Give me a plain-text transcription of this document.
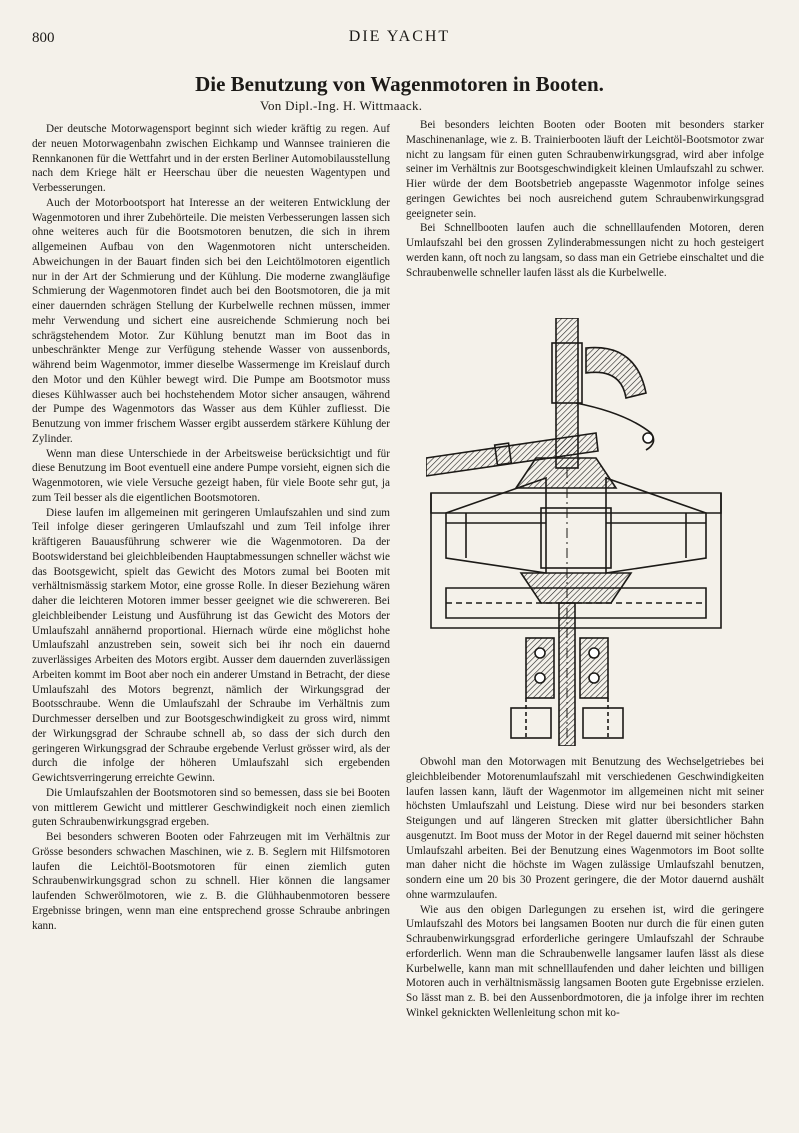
800	DIE YACHT
Die Benutzung von Wagenmotoren in Booten.
Von Dipl.-Ing. H. Wittmaack.

Der deutsche Motorwagensport beginnt sich wieder kräftig zu regen. Auf der neuen Motorwagenbahn zwischen Eichkamp und Wannsee trainieren die Rennkanonen für die Wettfahrt und in der ersten Berliner Automobilausstellung nach dem Kriege hält er Heerschau über die neuesten Wagentypen und Verbesserungen.

Auch der Motorbootsport hat Interesse an der weiteren Entwicklung der Wagenmotoren und ihrer Zubehörteile. Die meisten Verbesserungen lassen sich ohne weiteres auch für die Bootsmotoren benutzen, die sich in ihrem allgemeinen Aufbau von den Wagenmotoren nicht unterscheiden. Abweichungen in der Bauart finden sich bei den Leichtölmotoren eigentlich nur in der Art der Schmierung und der Kühlung. Die moderne zwangläufige Schmierung der Wagenmotoren findet auch bei den Bootsmotoren, die ja mit einer dauernden schrägen Stellung der Kurbelwelle rechnen müssen, immer mehr Verwendung und sichert eine ausreichende Schmierung noch bei schrägstehendem Motor. Zur Kühlung benutzt man im Boot das in unbeschränkter Menge zur Verfügung stehende Wasser von aussenbords, während beim Wagenmotor, immer dieselbe Wassermenge im Kreislauf durch den Motor und den Kühler bewegt wird. Die Pumpe am Bootsmotor muss dieses Kühlwasser auch bei hochstehendem Motor sicher ansaugen, während der Pumpe des Wagenmotors das Wasser aus dem Kühler zufliesst. Die Benutzung von immer frischem Wasser ergibt ausserdem stärkere Kühlung der Zylinder.

Wenn man diese Unterschiede in der Arbeitsweise berücksichtigt und für diese Benutzung im Boot eventuell eine andere Pumpe vorsieht, eignen sich die Wagenmotoren, wie viele Versuche gezeigt haben, für viele Boote sehr gut, ja zum Teil besser als die eigentlichen Bootsmotoren.

Diese laufen im allgemeinen mit geringeren Umlaufszahlen und sind zum Teil infolge dieser geringeren Umlaufszahl und zum Teil infolge ihrer kräftigeren Bauausführung schwerer wie die Wagenmotoren. Da der Bootswiderstand bei gleichbleibenden Hauptabmessungen schneller wächst wie das Bootsgewicht, spielt das Gewicht des Motors zumal bei Booten mit verhältnismässig starkem Motor, eine grosse Rolle. In dieser Beziehung wären daher die leichteren Motoren immer besser geeignet wie die schwereren. Bei gleichbleibender Leistung und Ausführung ist das Gewicht des Motors der Umlaufszahl annähernd proportional. Hiernach würde eine möglichst hohe Umlaufszahl anzustreben sein, soweit sich bei ihr noch ein dauernd zuverlässiges Arbeiten des Motors ergibt. Ausser dem dauernden zuverlässigen Arbeiten kommt im Boot aber noch ein anderer Umstand in Betracht, der diese Umlaufszahl des Motors begrenzt, nämlich der Wirkungsgrad der Bootsschraube. Wenn die Umlaufszahl der Schraube im Verhältnis zum Durchmesser derselben und zur Bootsgeschwindigkeit zu gross wird, nimmt der Wirkungsgrad der Schraube schnell ab, so dass der sich durch den geringeren Wirkungsgrad der Schraube ergebende Verlust grösser wird, als der durch die infolge der höheren Umlaufszahl sich ergebenden Gewichtsverringerung erreichte Gewinn.

Die Umlaufszahlen der Bootsmotoren sind so bemessen, dass sie bei Booten von mittlerem Gewicht und mittlerer Geschwindigkeit noch einen ziemlich guten Schraubenwirkungsgrad ergeben.

Bei besonders schweren Booten oder Fahrzeugen mit im Verhältnis zur Grösse besonders schwachen Maschinen, wie z. B. Seglern mit Hilfsmotoren laufen die Leichtöl-Bootsmotoren für einen ziemlich guten Schraubenwirkungsgrad schon zu schnell. Hier können die langsamer laufenden Schwerölmotoren, wie z. B. die Glühhaubenmotoren bessere Ergebnisse bringen, wenn man eine entsprechend grosse Schraube anbringen kann.

Bei besonders leichten Booten oder Booten mit besonders starker Maschinenanlage, wie z. B. Trainierbooten läuft der Leichtöl-Bootsmotor zwar nicht zu langsam für einen guten Schraubenwirkungsgrad, wird aber infolge seiner im Verhältnis zur Bootsgeschwindigkeit kleinen Umlaufszahl zu schwer. Hier würde der dem Bootsbetrieb angepasste Wagenmotor infolge seines geringen Gewichtes bei noch ausreichend gutem Schraubenwirkungsgrad geeigneter sein.

Bei Schnellbooten laufen auch die schnelllaufenden Motoren, deren Umlaufszahl bei den grossen Zylinderabmessungen nicht zu hoch gesteigert werden kann, oft noch zu langsam, so dass man ein Getriebe einschaltet und die Schraubenwelle schneller laufen lässt als die Kurbelwelle.

Obwohl man den Motorwagen mit Benutzung des Wechselgetriebes bei gleichbleibender Motorenumlaufszahl mit verschiedenen Geschwindigkeiten laufen lassen kann, läuft der Wagenmotor im allgemeinen nicht mit seiner höchsten Umlaufszahl und Leistung. Diese wird nur bei besonders starken Steigungen und auf längeren Strecken mit glatter übersichtlicher Bahn ausgenutzt. Im Boot muss der Motor in der Regel dauernd mit seiner höchsten Umlaufszahl arbeiten. Bei der Benutzung eines Wagenmotors im Boot sollte man daher nicht die höchste im Wagen zulässige Umlaufszahl benutzen, sondern eine um 20 bis 30 Prozent geringere, die der Motor dauernd aushält ohne warmzulaufen.

Wie aus den obigen Darlegungen zu ersehen ist, wird die geringere Umlaufszahl des Motors bei langsamen Booten nur durch die für einen guten Schraubenwirkungsgrad erforderliche geringere Umlaufszahl der Schraube erforderlich. Wenn man die Schraubenwelle langsamer laufen lässt als diese Kurbelwelle, kann man mit schnelllaufenden und daher leichten und billigen Motoren auch in verhältnismässig langsamen Booten gute Ergebnisse erzielen. So lässt man z. B. bei den Aussenbordmotoren, die ja infolge ihrer im rechten Winkel geknickten Wellenleitung schon mit ko-
